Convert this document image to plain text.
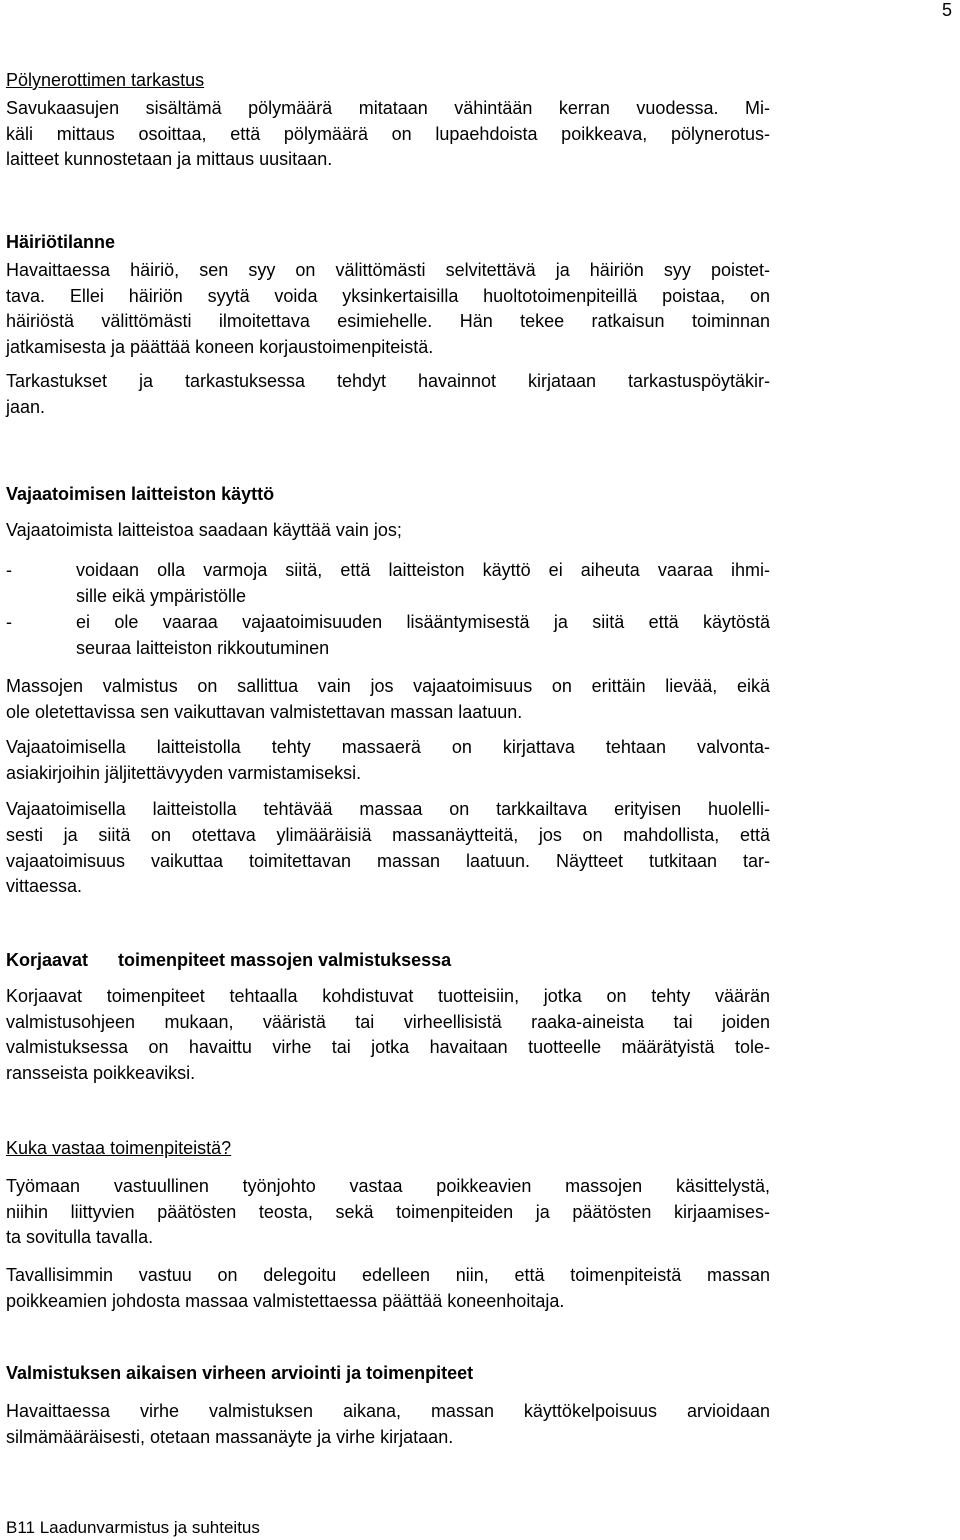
5
Pölynerottimen tarkastus
Savukaasujen sisältämä pölymäärä mitataan vähintään kerran vuodessa. Mi-
käli mittaus osoittaa, että pölymäärä on lupaehdoista poikkeava, pölynerotus-
laitteet kunnostetaan ja mittaus uusitaan.
Häiriötilanne
Havaittaessa häiriö, sen syy on välittömästi selvitettävä ja häiriön syy poistet-
tava. Ellei häiriön syytä voida yksinkertaisilla huoltotoimenpiteillä poistaa, on
häiriöstä välittömästi ilmoitettava esimiehelle. Hän tekee ratkaisun toiminnan
jatkamisesta ja päättää koneen korjaustoimenpiteistä.
Tarkastukset ja tarkastuksessa tehdyt havainnot kirjataan tarkastuspöytäkir-
jaan.
Vajaatoimisen laitteiston käyttö
Vajaatoimista laitteistoa saadaan käyttää vain jos;
-	voidaan olla varmoja siitä, että laitteiston käyttö ei aiheuta vaaraa ihmi-
sille eikä ympäristölle
-	ei ole vaaraa vajaatoimisuuden lisääntymisestä ja siitä että käytöstä
seuraa laitteiston rikkoutuminen
Massojen valmistus on sallittua vain jos vajaatoimisuus on erittäin lievää, eikä
ole oletettavissa sen vaikuttavan valmistettavan massan laatuun.
Vajaatoimisella laitteistolla tehty massaerä on kirjattava tehtaan valvonta-
asiakirjoihin jäljitettävyyden varmistamiseksi.
Vajaatoimisella laitteistolla tehtävää massaa on tarkkailtava erityisen huolelli-
sesti ja siitä on otettava ylimääräisiä massanäytteitä, jos on mahdollista, että
vajaatoimisuus vaikuttaa toimitettavan massan laatuun. Näytteet tutkitaan tar-
vittaessa.
Korjaavat toimenpiteet massojen valmistuksessa
Korjaavat toimenpiteet tehtaalla kohdistuvat tuotteisiin, jotka on tehty väärän
valmistusohjeen mukaan, vääristä tai virheellisistä raaka-aineista tai joiden
valmistuksessa on havaittu virhe tai jotka havaitaan tuotteelle määrätyistä tole-
ransseista poikkeaviksi.
Kuka vastaa toimenpiteistä?
Työmaan vastuullinen työnjohto vastaa poikkeavien massojen käsittelystä,
niihin liittyvien päätösten teosta, sekä toimenpiteiden ja päätösten kirjaamises-
ta sovitulla tavalla.
Tavallisimmin vastuu on delegoitu edelleen niin, että toimenpiteistä massan
poikkeamien johdosta massaa valmistettaessa päättää koneenhoitaja.
Valmistuksen aikaisen virheen arviointi ja toimenpiteet
Havaittaessa virhe valmistuksen aikana, massan käyttökelpoisuus arvioidaan
silmämääräisesti, otetaan massanäyte ja virhe kirjataan.
B11 Laadunvarmistus ja suhteitus
